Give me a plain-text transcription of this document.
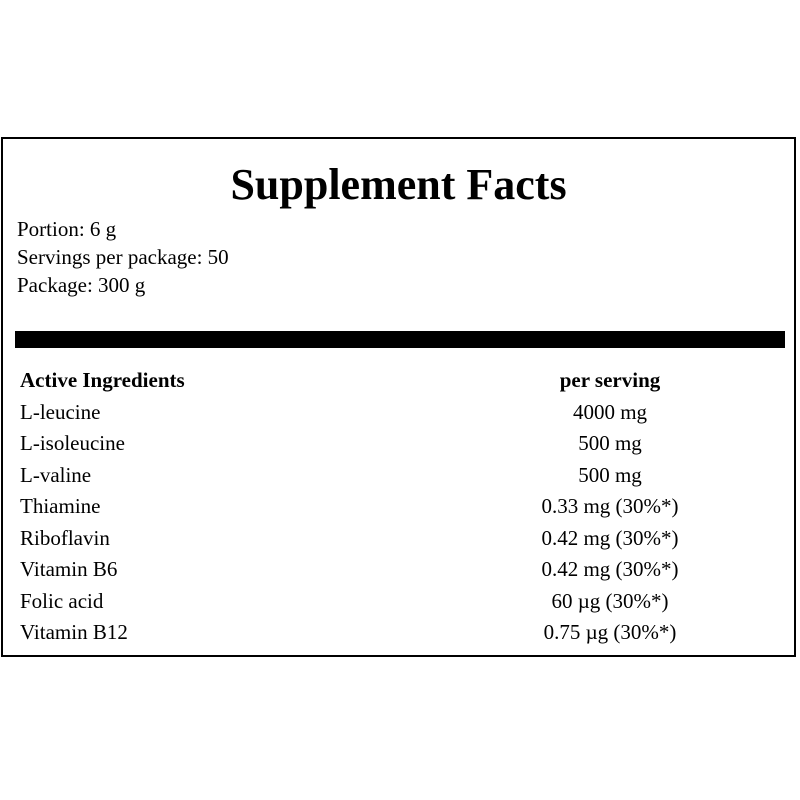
Supplement Facts
Portion: 6 g
Servings per package: 50
Package: 300 g
Active Ingredients	per serving
L-leucine	4000 mg
L-isoleucine	500 mg
L-valine	500 mg
Thiamine	0.33 mg (30%*)
Riboflavin	0.42 mg (30%*)
Vitamin B6	0.42 mg (30%*)
Folic acid	60 µg (30%*)
Vitamin B12	0.75 µg (30%*)
